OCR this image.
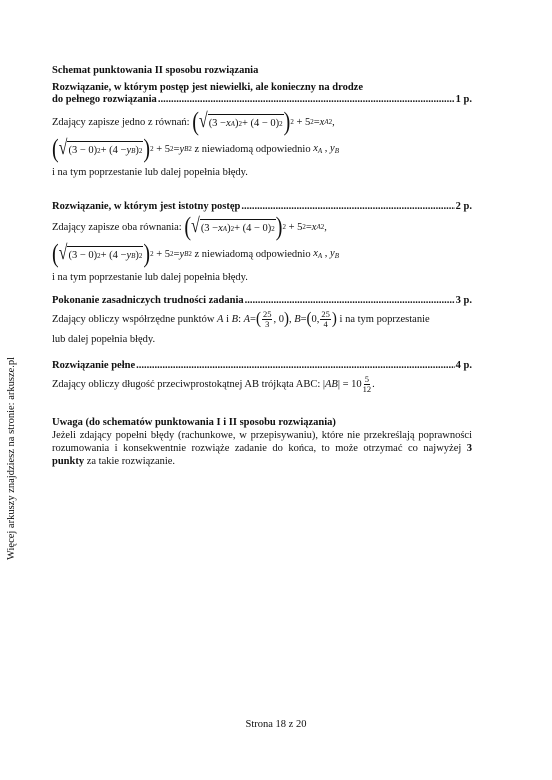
Więcej arkuszy znajdziesz na stronie: arkusze.pl
Schemat punktowania II sposobu rozwiązania
Rozwiązanie, w którym postęp jest niewielki, ale konieczny na drodze
do pełnego rozwiązania .....	1 p.
Zdający zapisze jedno z równań:
( √ (3 − x A ) 2 + (4 − 0) 2 ) 2 + 5 2 = x A 2 ,
( √ (3 − 0) 2 + (4 − y B ) 2 ) 2 + 5 2 = y B 2
z niewiadomą odpowiednio
$x_A$ , $y_B$
i na tym poprzestanie lub dalej popełnia błędy.
Rozwiązanie, w którym jest istotny postęp .....	2 p.
Zdający zapisze oba równania:
( √ (3 − x A ) 2 + (4 − 0) 2 ) 2 + 5 2 = x A 2 ,
( √ (3 − 0) 2 + (4 − y B ) 2 ) 2 + 5 2 = y B 2
z niewiadomą odpowiednio
$x_A$ , $y_B$
i na tym poprzestanie lub dalej popełnia błędy.
Pokonanie zasadniczych trudności zadania .....	3 p.
Zdający obliczy współrzędne punktów
A i B : A = ( $\frac{25}{3}$ , 0 ) , B = ( 0, $\frac{25}{4}$ )
i na tym poprzestanie
lub dalej popełnia błędy.
Rozwiązanie pełne .....	4 p.
Zdający obliczy długość przeciwprostokątnej AB trójkąta ABC:
| AB | = $10 \frac{5}{12}$ .
Uwaga (do schematów punktowania I i II sposobu rozwiązania)
Jeżeli zdający popełni błędy (rachunkowe, w przepisywaniu), które nie przekreślają poprawności rozumowania i konsekwentnie rozwiąże zadanie do końca, to może otrzymać co najwyżej 3 punkty za takie rozwiązanie.
Strona 18 z 20
